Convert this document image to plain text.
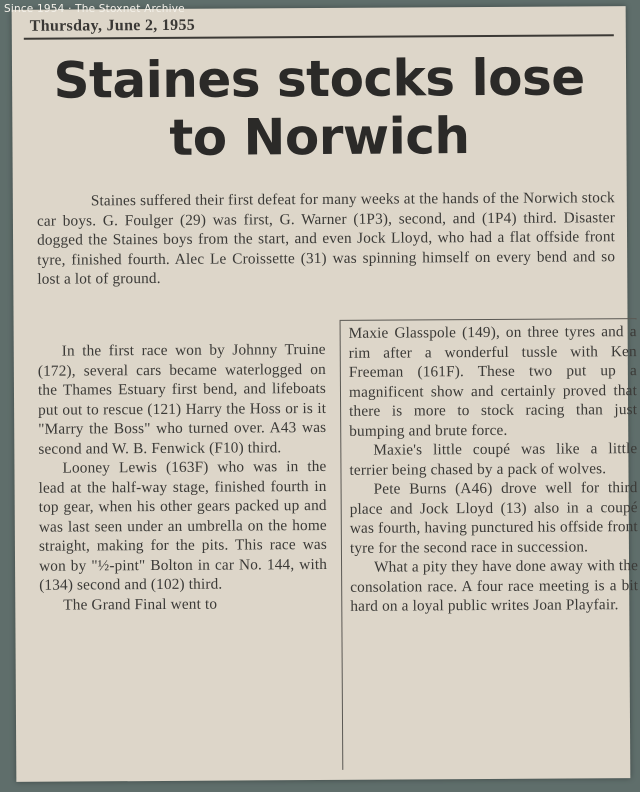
Since 1954 · The Stoxnet Archive
Thursday, June 2, 1955
Staines stocks lose
to Norwich

Staines suffered their first defeat for many weeks at the hands of the Norwich stock car boys. G. Foulger (29) was first, G. Warner (1P3), second, and (1P4) third. Disaster dogged the Staines boys from the start, and even Jock Lloyd, who had a flat offside front tyre, finished fourth. Alec Le Croissette (31) was spinning himself on every bend and so lost a lot of ground.

In the first race won by Johnny Truine (172), several cars became waterlogged on the Thames Estuary first bend, and lifeboats put out to rescue (121) Harry the Hoss or is it "Marry the Boss" who turned over. A43 was second and W. B. Fenwick (F10) third.

Looney Lewis (163F) who was in the lead at the half-way stage, finished fourth in top gear, when his other gears packed up and was last seen under an umbrella on the home straight, making for the pits. This race was won by "½-pint" Bolton in car No. 144, with (134) second and (102) third.

The Grand Final went to

Maxie Glasspole (149), on three tyres and a rim after a wonderful tussle with Ken Freeman (161F). These two put up a magnificent show and certainly proved that there is more to stock racing than just bumping and brute force.

Maxie's little coupé was like a little terrier being chased by a pack of wolves.

Pete Burns (A46) drove well for third place and Jock Lloyd (13) also in a coupé was fourth, having punctured his offside front tyre for the second race in succession.

What a pity they have done away with the consolation race. A four race meeting is a bit hard on a loyal public writes Joan Playfair.
